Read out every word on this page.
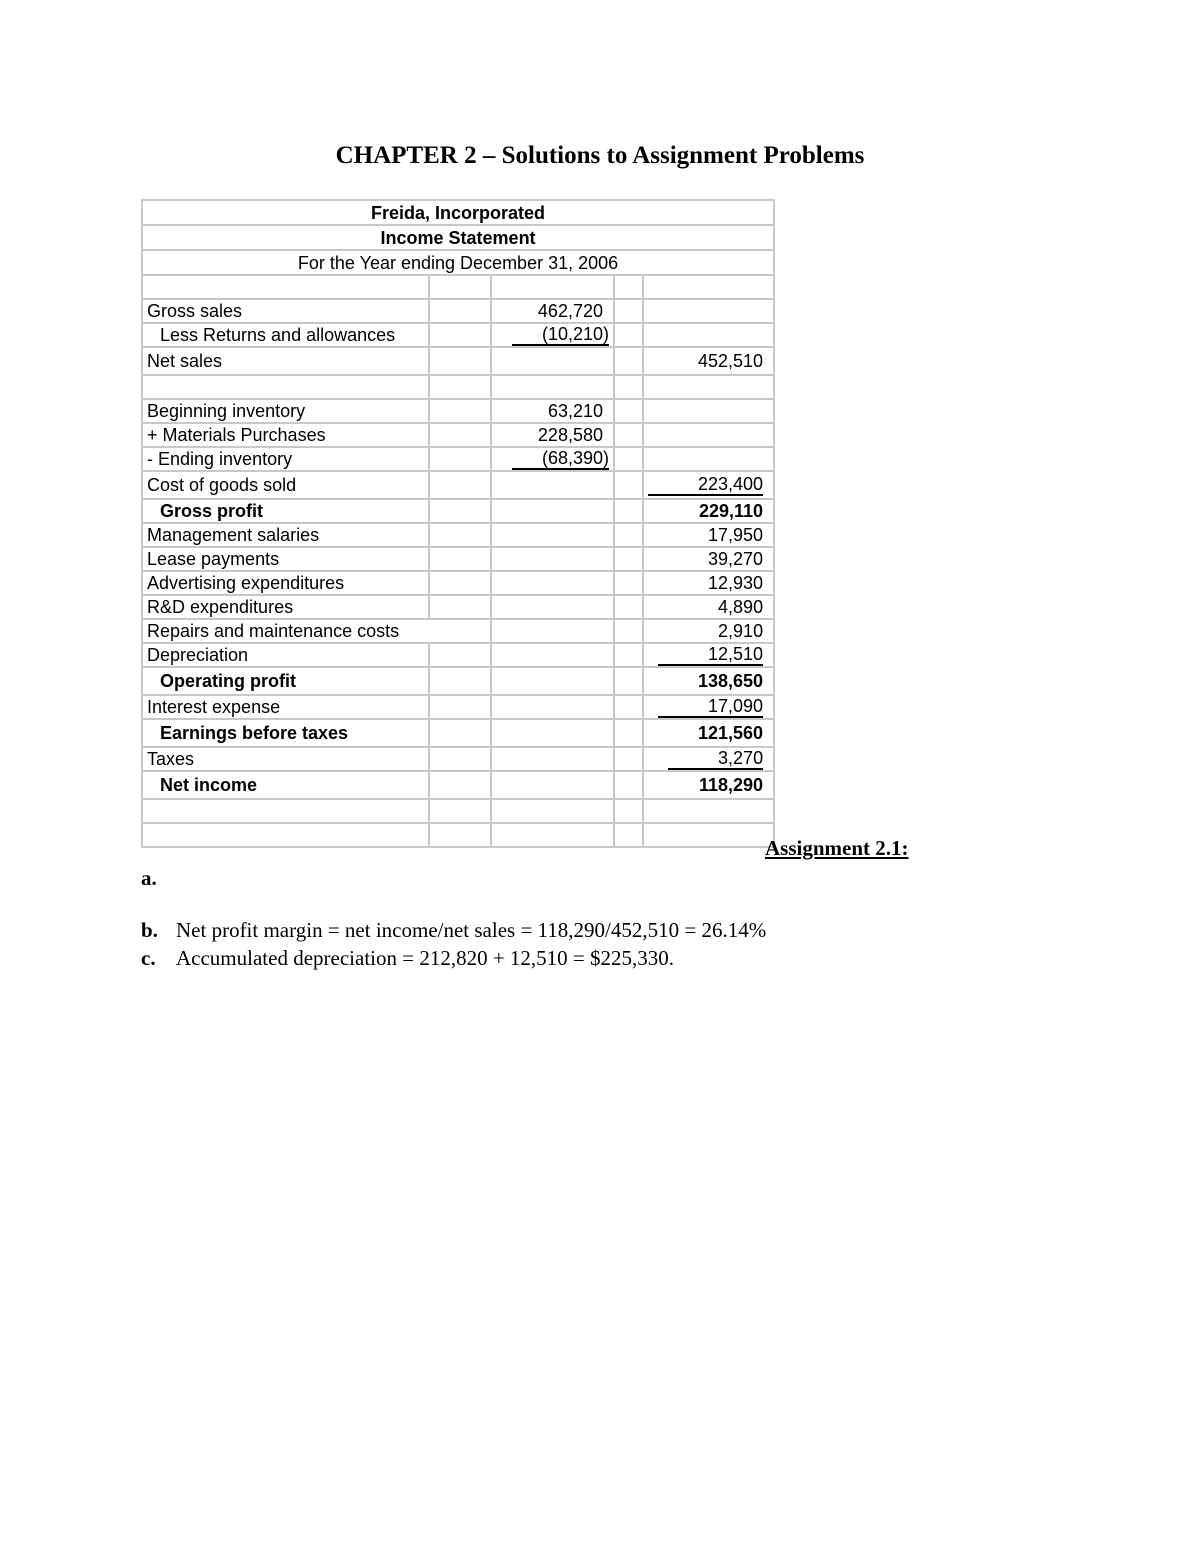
CHAPTER 2 – Solutions to Assignment Problems
Freida, Incorporated				
Income Statement				
For the Year ending December 31, 2006				

Gross sales		462,720		
Less Returns and allowances		(10,210)		
Net sales				452,510

Beginning inventory		63,210		
+ Materials Purchases		228,580		
- Ending inventory		(68,390)		
Cost of goods sold				223,400
Gross profit				229,110
Management salaries				17,950
Lease payments				39,270
Advertising expenditures				12,930
R&D expenditures				4,890
Repairs and maintenance costs				2,910
Depreciation				12,510
Operating profit				138,650
Interest expense				17,090
Earnings before taxes				121,560
Taxes				3,270
Net income				118,290

Assignment 2.1:

a.

b. Net profit margin = net income/net sales = 118,290/452,510 = 26.14%

c. Accumulated depreciation = 212,820 + 12,510 = $225,330.
